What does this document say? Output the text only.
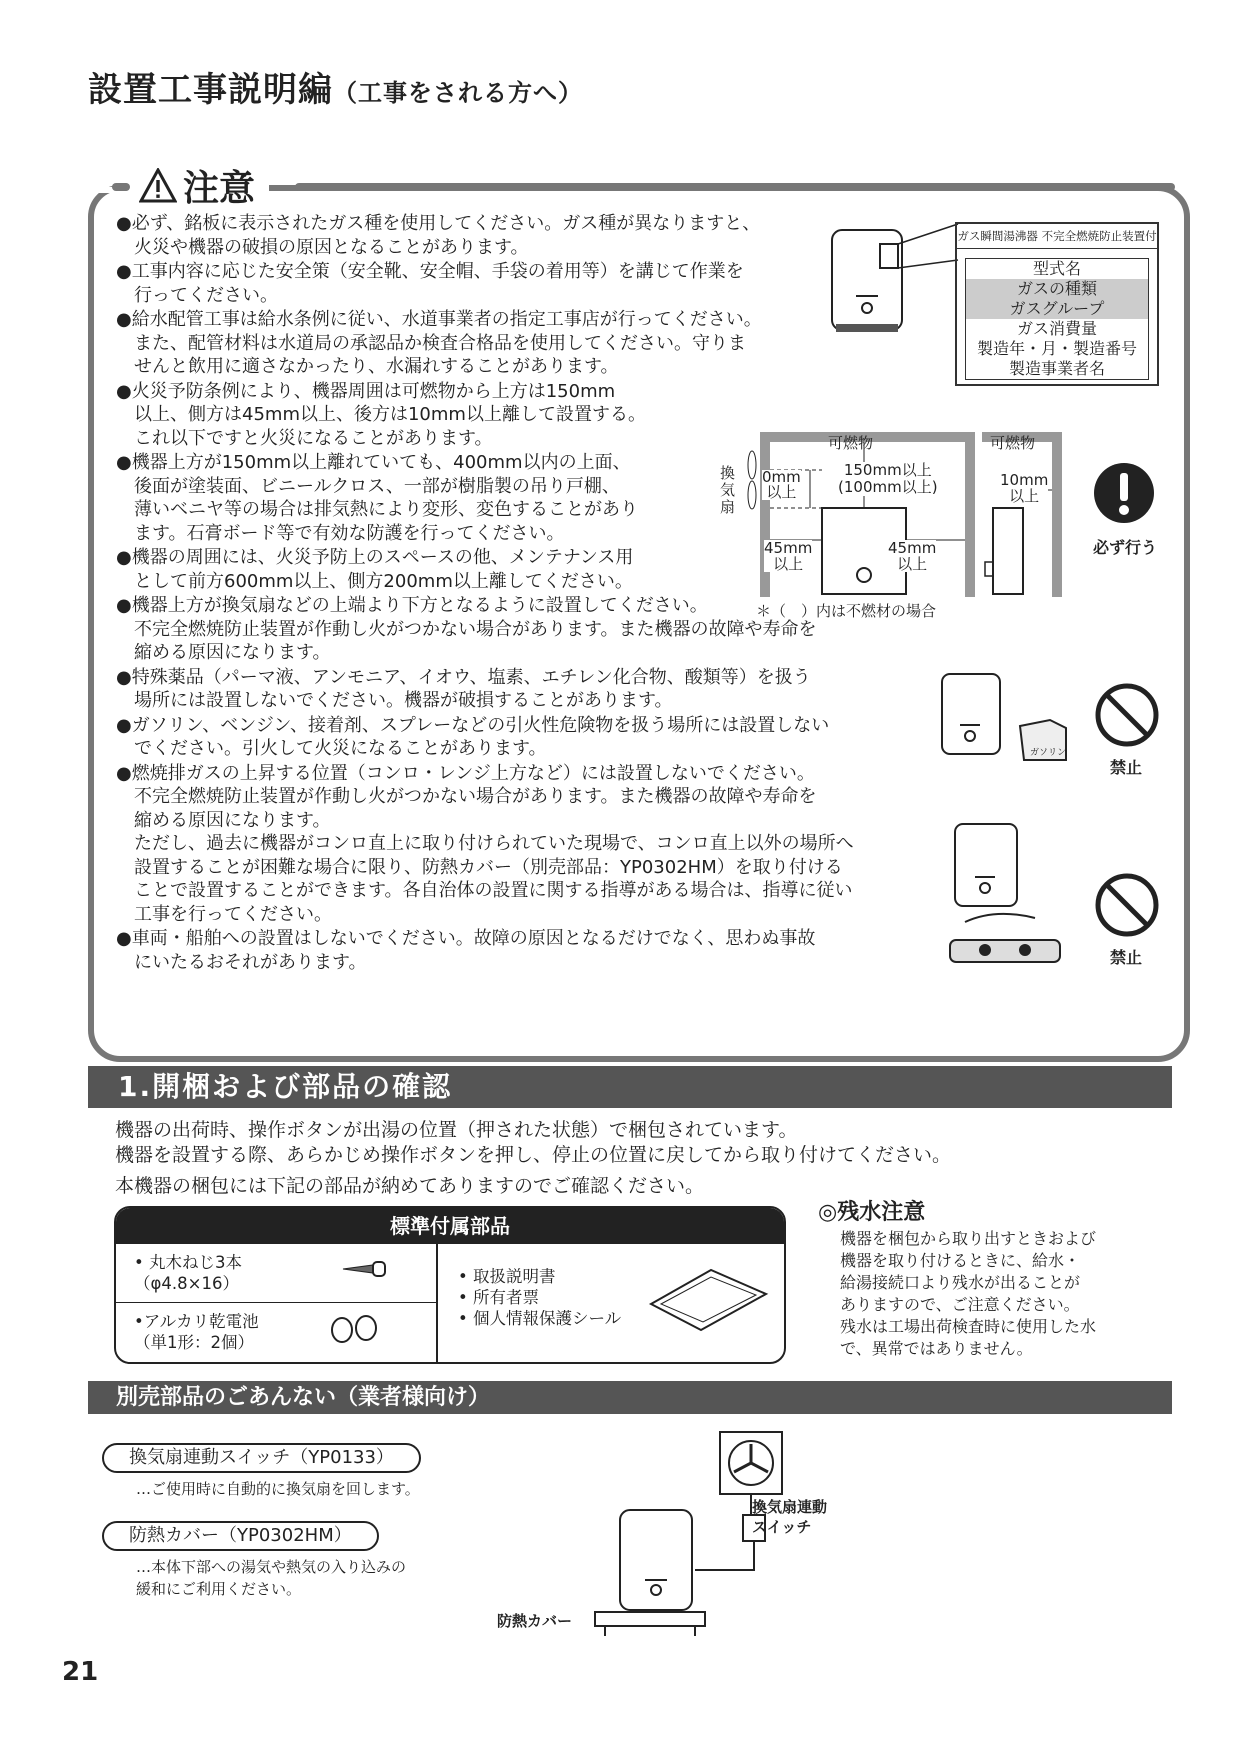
設置工事説明編（工事をされる方へ）
注意
● 必ず、銘板に表示されたガス種を使用してください。ガス種が異なりますと、
火災や機器の破損の原因となることがあります。
● 工事内容に応じた安全策（安全靴、安全帽、手袋の着用等）を講じて作業を
行ってください。
● 給水配管工事は給水条例に従い、水道事業者の指定工事店が行ってください。
また、配管材料は水道局の承認品か検査合格品を使用してください。守りま
せんと飲用に適さなかったり、水漏れすることがあります。
● 火災予防条例により、機器周囲は可燃物から上方は150mm
以上、側方は45mm以上、後方は10mm以上離して設置する。
これ以下ですと火災になることがあります。
● 機器上方が150mm以上離れていても、400mm以内の上面、
後面が塗装面、ビニールクロス、一部が樹脂製の吊り戸棚、
薄いベニヤ等の場合は排気熱により変形、変色することがあり
ます。石膏ボード等で有効な防護を行ってください。
● 機器の周囲には、火災予防上のスペースの他、メンテナンス用
として前方600mm以上、側方200mm以上離してください。
● 機器上方が換気扇などの上端より下方となるように設置してください。
不完全燃焼防止装置が作動し火がつかない場合があります。また機器の故障や寿命を
縮める原因になります。
● 特殊薬品（パーマ液、アンモニア、イオウ、塩素、エチレン化合物、酸類等）を扱う
場所には設置しないでください。機器が破損することがあります。
● ガソリン、ベンジン、接着剤、スプレーなどの引火性危険物を扱う場所には設置しない
でください。引火して火災になることがあります。
● 燃焼排ガスの上昇する位置（コンロ・レンジ上方など）には設置しないでください。
不完全燃焼防止装置が作動し火がつかない場合があります。また機器の故障や寿命を
縮める原因になります。
ただし、過去に機器がコンロ直上に取り付けられていた現場で、コンロ直上以外の場所へ
設置することが困難な場合に限り、防熱カバー（別売部品：YP0302HM）を取り付ける
ことで設置することができます。各自治体の設置に関する指導がある場合は、指導に従い
工事を行ってください。
● 車両・船舶への設置はしないでください。故障の原因となるだけでなく、思わぬ事故
にいたるおそれがあります。
ガス瞬間湯沸器 不完全燃焼防止装置付
型式名
ガスの種類
ガスグループ
ガス消費量
製造年・月・製造番号
製造事業者名
可燃物	可燃物
換
気
扇
0mm
以上
150mm以上
(100mm以上)
45mm
以上
45mm
以上
10mm
以上
＊（　）内は不燃材の場合
必ず行う
ガソリン
禁止
禁止
1.開梱および部品の確認
機器の出荷時、操作ボタンが出湯の位置（押された状態）で梱包されています。
機器を設置する際、あらかじめ操作ボタンを押し、停止の位置に戻してから取り付けてください。
本機器の梱包には下記の部品が納めてありますのでご確認ください。
標準付属部品
• 丸木ねじ3本
（φ4.8×16）
•アルカリ乾電池
（単1形：2個）
• 取扱説明書
• 所有者票
• 個人情報保護シール
◎残水注意
機器を梱包から取り出すときおよび
機器を取り付けるときに、給水・
給湯接続口より残水が出ることが
ありますので、ご注意ください。
残水は工場出荷検査時に使用した水
で、異常ではありません。
別売部品のごあんない（業者様向け）
換気扇連動スイッチ（YP0133）
…ご使用時に自動的に換気扇を回します。
防熱カバー（YP0302HM）
…本体下部への湯気や熱気の入り込みの
緩和にご利用ください。
換気扇連動
スイッチ
防熱カバー
21
